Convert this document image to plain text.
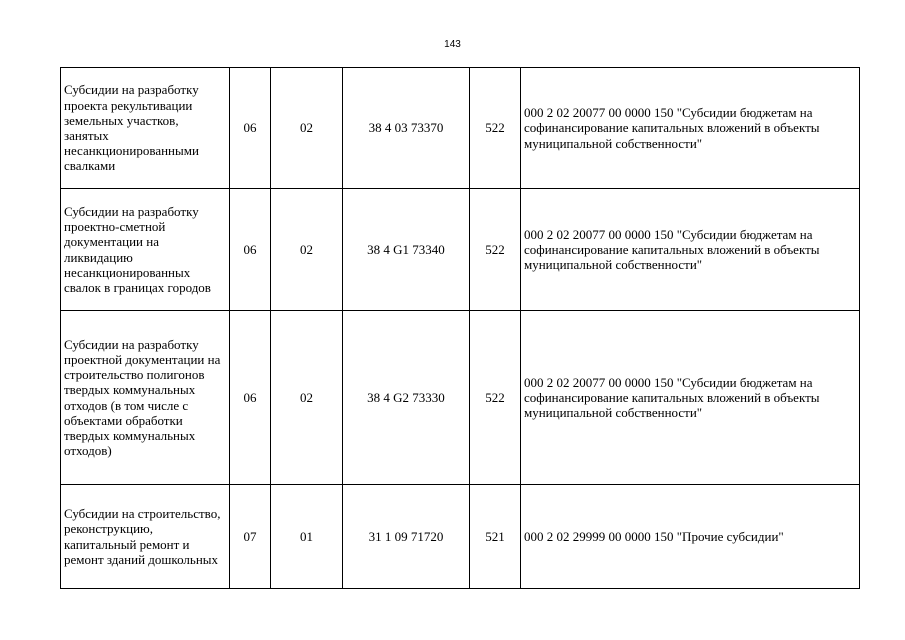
143
Субсидии на разработку проекта рекультивации земельных участков, занятых несанкционированными свалками	06	02	38 4 03 73370	522	000 2 02 20077 00 0000 150 "Субсидии бюджетам на софинансирование капитальных вложений в объекты муниципальной собственности"

Субсидии на разработку проектно-сметной документации на ликвидацию несанкционированных свалок в границах городов	06	02	38 4 G1 73340	522	000 2 02 20077 00 0000 150 "Субсидии бюджетам на софинансирование капитальных вложений в объекты муниципальной собственности"

Субсидии на разработку проектной документации на строительство полигонов твердых коммунальных отходов (в том числе с объектами обработки твердых коммунальных отходов)	06	02	38 4 G2 73330	522	000 2 02 20077 00 0000 150 "Субсидии бюджетам на софинансирование капитальных вложений в объекты муниципальной собственности"

Субсидии на строительство, реконструкцию, капитальный ремонт и ремонт зданий дошкольных	07	01	31 1 09 71720	521	000 2 02 29999 00 0000 150 "Прочие субсидии"
